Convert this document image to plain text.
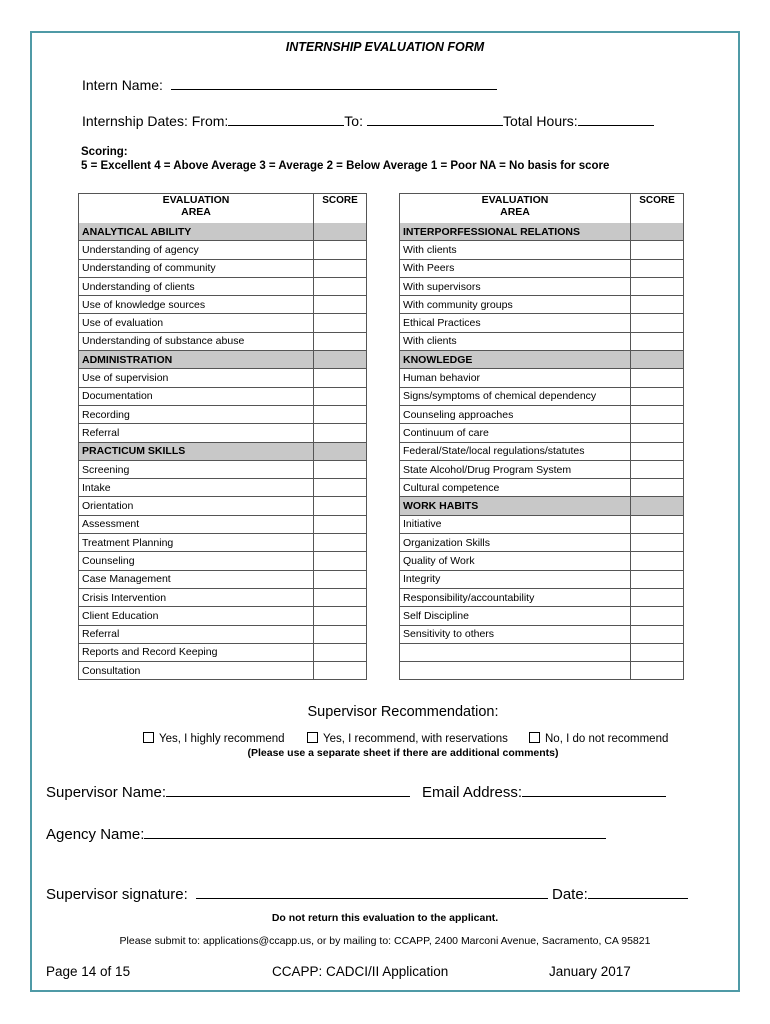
INTERNSHIP EVALUATION FORM
Intern Name:
Internship Dates: From:	To:	Total Hours:
Scoring:
5 = Excellent 4 = Above Average 3 = Average 2 = Below Average 1 = Poor NA = No basis for score
EVALUATION
AREA	SCORE
ANALYTICAL ABILITY	
Understanding of agency	
Understanding of community	
Understanding of clients	
Use of knowledge sources	
Use of evaluation	
Understanding of substance abuse	
ADMINISTRATION	
Use of supervision	
Documentation	
Recording	
Referral	
PRACTICUM SKILLS	
Screening	
Intake	
Orientation	
Assessment	
Treatment Planning	
Counseling	
Case Management	
Crisis Intervention	
Client Education	
Referral	
Reports and Record Keeping	
Consultation	
EVALUATION
AREA	SCORE
INTERPORFESSIONAL RELATIONS	
With clients	
With Peers	
With supervisors	
With community groups	
Ethical Practices	
With clients	
KNOWLEDGE	
Human behavior	
Signs/symptoms of chemical dependency	
Counseling approaches	
Continuum of care	
Federal/State/local regulations/statutes	
State Alcohol/Drug Program System	
Cultural competence	
WORK HABITS	
Initiative	
Organization Skills	
Quality of Work	
Integrity	
Responsibility/accountability	
Self Discipline	
Sensitivity to others	

Supervisor Recommendation:
Yes, I highly recommend	Yes, I recommend, with reservations	No, I do not recommend
(Please use a separate sheet if there are additional comments)
Supervisor Name:	Email Address:
Agency Name:
Supervisor signature:	Date:
Do not return this evaluation to the applicant.
Please submit to: applications@ccapp.us, or by mailing to: CCAPP, 2400 Marconi Avenue, Sacramento, CA 95821
Page 14 of 15	CCAPP: CADCI/II Application	January 2017
